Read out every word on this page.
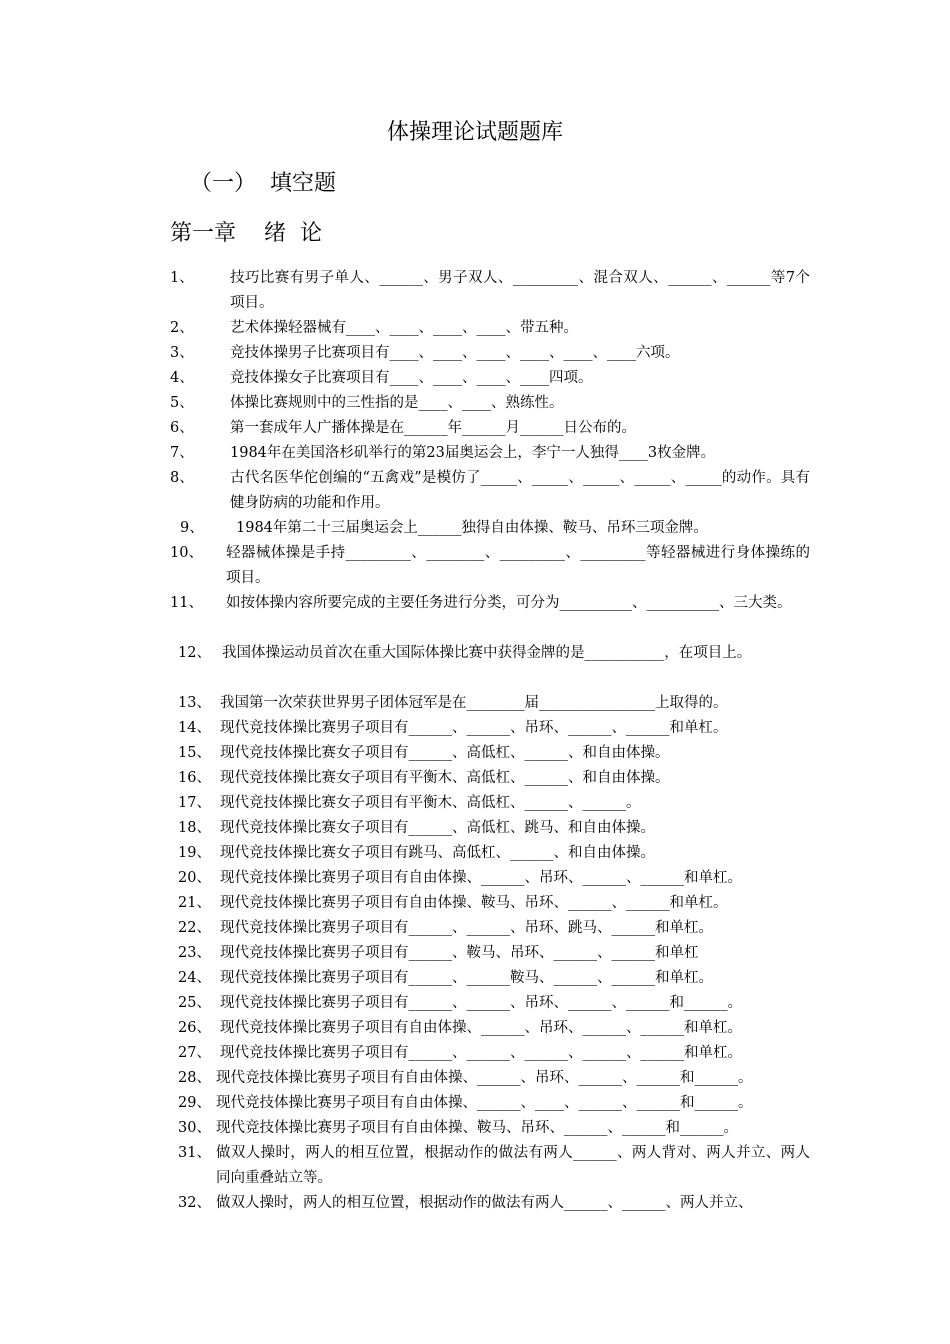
体操理论试题题库
（一）  填空题
第一章    绪  论
1、	技巧比赛有男子单人、______、男子双人、_________、混合双人、______、______等7个项目。
2、	艺术体操轻器械有____、____、____、____、带五种。
3、	竞技体操男子比赛项目有____、____、____、____、____、____六项。
4、	竞技体操女子比赛项目有____、____、____、____四项。
5、	体操比赛规则中的三性指的是____、____、熟练性。
6、	第一套成年人广播体操是在______年______月______日公布的。
7、	1984年在美国洛杉矶举行的第23届奥运会上，李宁一人独得____3枚金牌。
8、	古代名医华佗创编的“五禽戏”是模仿了_____、_____、_____、_____、_____的动作。具有健身防病的功能和作用。
9、	1984年第二十三届奥运会上______独得自由体操、鞍马、吊环三项金牌。
10、	轻器械体操是手持_________、________、_________、_________等轻器械进行身体操练的项目。
11、	如按体操内容所要完成的主要任务进行分类，可分为__________、__________、三大类。
12、 我国体操运动员首次在重大国际体操比赛中获得金牌的是___________，在项目上。
13、 我国第一次荣获世界男子团体冠军是在________届________________上取得的。
14、 现代竞技体操比赛男子项目有______、______、吊环、______、______和单杠。
15、 现代竞技体操比赛女子项目有______、高低杠、______、和自由体操。
16、 现代竞技体操比赛女子项目有平衡木、高低杠、______、和自由体操。
17、 现代竞技体操比赛女子项目有平衡木、高低杠、______、______。
18、 现代竞技体操比赛女子项目有______、高低杠、跳马、和自由体操。
19、 现代竞技体操比赛女子项目有跳马、高低杠、______、和自由体操。
20、 现代竞技体操比赛男子项目有自由体操、______、吊环、______、______和单杠。
21、 现代竞技体操比赛男子项目有自由体操、鞍马、吊环、______、______和单杠。
22、 现代竞技体操比赛男子项目有______、______、吊环、跳马、______和单杠。
23、 现代竞技体操比赛男子项目有______、鞍马、吊环、______、______和单杠
24、 现代竞技体操比赛男子项目有______、______鞍马、______、______和单杠。
25、 现代竞技体操比赛男子项目有______、______、吊环、______、______和______。
26、 现代竞技体操比赛男子项目有自由体操、______、吊环、______、______和单杠。
27、 现代竞技体操比赛男子项目有______、______、______、______、______和单杠。
28、 现代竞技体操比赛男子项目有自由体操、______、吊环、______、______和______。
29、 现代竞技体操比赛男子项目有自由体操、______、____、______、______和______。
30、 现代竞技体操比赛男子项目有自由体操、鞍马、吊环、______、______和______。
31、 做双人操时，两人的相互位置，根据动作的做法有两人______、两人背对、两人并立、两人同向重叠站立等。
32、 做双人操时，两人的相互位置，根据动作的做法有两人______、______、两人并立、
